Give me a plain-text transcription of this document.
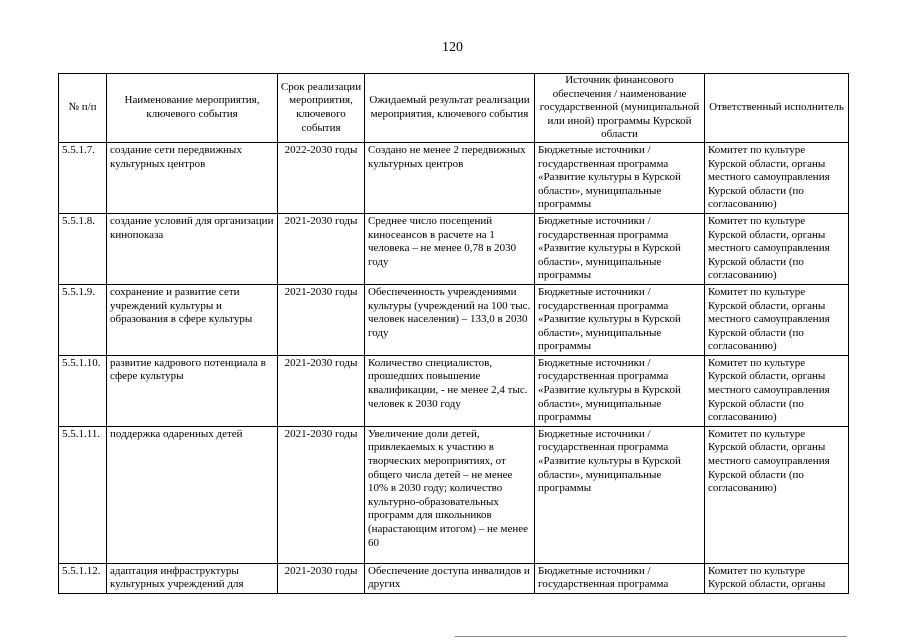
120
№ п/п	Наименование мероприятия, ключевого события	Срок реализации мероприятия, ключевого события	Ожидаемый результат реализации мероприятия, ключевого события	Источник финансового обеспечения / наименование государственной (муниципальной или иной) программы Курской области	Ответственный исполнитель
5.5.1.7.	создание сети передвижных культурных центров	2022-2030 годы	Создано не менее 2 передвижных культурных центров	Бюджетные источники / государственная программа «Развитие культуры в Курской области», муниципальные программы	Комитет по культуре Курской области, органы местного самоуправления Курской области (по согласованию)
5.5.1.8.	создание условий для организации кинопоказа	2021-2030 годы	Среднее число посещений киносеансов в расчете на 1 человека – не менее 0,78 в 2030 году	Бюджетные источники / государственная программа «Развитие культуры в Курской области», муниципальные программы	Комитет по культуре Курской области, органы местного самоуправления Курской области (по согласованию)
5.5.1.9.	сохранение и развитие сети учреждений культуры и образования в сфере культуры	2021-2030 годы	Обеспеченность учреждениями культуры (учреждений на 100 тыс. человек населения) – 133,0 в 2030 году	Бюджетные источники / государственная программа «Развитие культуры в Курской области», муниципальные программы	Комитет по культуре Курской области, органы местного самоуправления Курской области (по согласованию)
5.5.1.10.	развитие кадрового потенциала в сфере культуры	2021-2030 годы	Количество специалистов, прошедших повышение квалификации, - не менее 2,4 тыс. человек к 2030 году	Бюджетные источники / государственная программа «Развитие культуры в Курской области», муниципальные программы	Комитет по культуре Курской области, органы местного самоуправления Курской области (по согласованию)
5.5.1.11.	поддержка одаренных детей	2021-2030 годы	Увеличение доли детей, привлекаемых к участию в творческих мероприятиях, от общего числа детей – не менее 10% в 2030 году; количество культурно-образовательных программ для школьников (нарастающим итогом) – не менее 60	Бюджетные источники / государственная программа «Развитие культуры в Курской области», муниципальные программы	Комитет по культуре Курской области, органы местного самоуправления Курской области (по согласованию)
5.5.1.12.	адаптация инфраструктуры культурных учреждений для	2021-2030 годы	Обеспечение доступа инвалидов и других	Бюджетные источники / государственная программа	Комитет по культуре Курской области, органы
